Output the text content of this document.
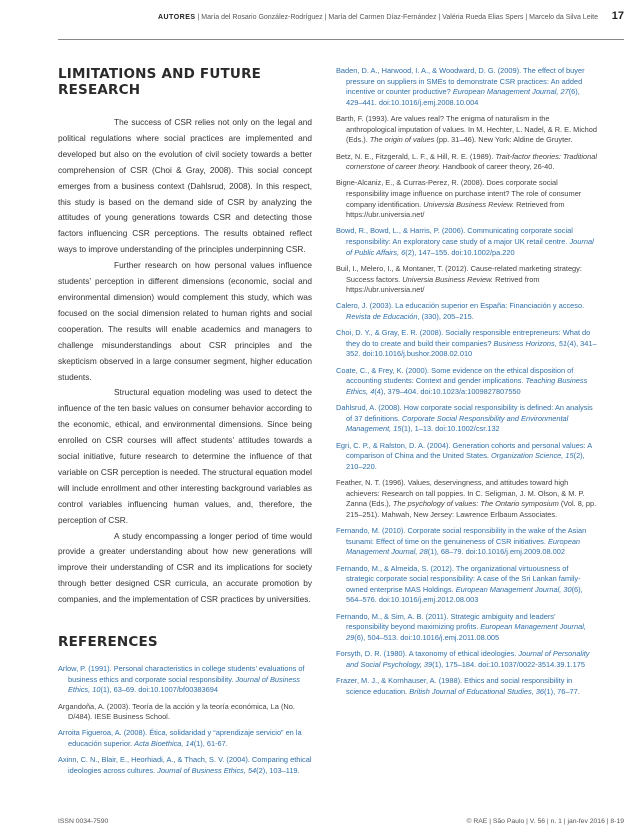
AUTORES | María del Rosario González-Rodríguez | María del Carmen Díaz-Fernández | Valéria Rueda Elias Spers | Marcelo da Silva Leite 17
LIMITATIONS AND FUTURE RESEARCH

The success of CSR relies not only on the legal and political regulations where social practices are implemented and developed but also on the evolution of civil society towards a better comprehension of CSR (Choi & Gray, 2008). This social concept emerges from a business context (Dahlsrud, 2008). In this respect, this study is based on the demand side of CSR by analyzing the attitudes of young generations towards CSR and detecting those factors influencing CSR perceptions. The results obtained reflect ways to improve understanding of the principles underpinning CSR.

Further research on how personal values influence students’ perception in different dimensions (economic, social and environmental dimension) would complement this study, which was focused on the social dimension related to human rights and social cooperation. The results will enable academics and managers to challenge misunderstandings about CSR principles and the skepticism observed in a large consumer segment, higher education students.

Structural equation modeling was used to detect the influence of the ten basic values on consumer behavior according to the economic, ethical, and environmental dimensions. Since being enrolled on CSR courses will affect students’ attitudes towards a social initiative, future research to determine the influence of that variable on CSR perception is needed. The structural equation model will include enrollment and other interesting background variables as control variables influencing human values, and, therefore, the perception of CSR.

A study encompassing a longer period of time would provide a greater understanding about how new generations will improve their understanding of CSR and its implications for society through better designed CSR curricula, an accurate promotion by companies, and the implementation of CSR practices by universities.

REFERENCES

Arlow, P. (1991). Personal characteristics in college students’ evaluations of business ethics and corporate social responsibility. Journal of Business Ethics, 10(1), 63–69. doi:10.1007/bf00383694

Argandoña, A. (2003). Teoría de la acción y la teoría económica, La (No. D/484). IESE Business School.

Arroita Figueroa, A. (2008). Ética, solidaridad y “aprendizaje servicio” en la educación superior. Acta Bioethica, 14(1), 61-67.

Axinn, C. N., Blair, E., Heorhiadi, A., & Thach, S. V. (2004). Comparing ethical ideologies across cultures. Journal of Business Ethics, 54(2), 103–119.

Baden, D. A., Harwood, I. A., & Woodward, D. G. (2009). The effect of buyer pressure on suppliers in SMEs to demonstrate CSR practices: An added incentive or counter productive? European Management Journal, 27(6), 429–441. doi:10.1016/j.emj.2008.10.004

Barth, F. (1993). Are values real? The enigma of naturalism in the anthropological imputation of values. In M. Hechter, L. Nadel, & R. E. Michod (Eds.). The origin of values (pp. 31–46). New York: Aldine de Gruyter.

Betz, N. E., Fitzgerald, L. F., & Hill, R. E. (1989). Trait-factor theories: Traditional cornerstone of career theory. Handbook of career theory, 26-40.

Bigne-Alcaniz, E., & Curras-Perez, R. (2008). Does corporate social responsibility image influence on purchase intent? The role of consumer company identification. Universia Business Review. Retrieved from https://ubr.universia.net/

Bowd, R., Bowd, L., & Harris, P. (2006). Communicating corporate social responsibility: An exploratory case study of a major UK retail centre. Journal of Public Affairs, 6(2), 147–155. doi:10.1002/pa.220

Buil, I., Melero, I., & Montaner, T. (2012). Cause-related marketing strategy: Success factors. Universia Business Review. Retrived from https://ubr.universia.net/

Calero, J. (2003). La educación superior en España: Financiación y acceso. Revista de Educación, (330), 205–215.

Choi, D. Y., & Gray, E. R. (2008). Socially responsible entrepreneurs: What do they do to create and build their companies? Business Horizons, 51(4), 341–352. doi:10.1016/j.bushor.2008.02.010

Coate, C., & Frey, K. (2000). Some evidence on the ethical disposition of accounting students: Context and gender implications. Teaching Business Ethics, 4(4), 379–404. doi:10.1023/a:1009827807550

Dahlsrud, A. (2008). How corporate social responsibility is defined: An analysis of 37 definitions. Corporate Social Responsibility and Environmental Management, 15(1), 1–13. doi:10.1002/csr.132

Egri, C. P., & Ralston, D. A. (2004). Generation cohorts and personal values: A comparison of China and the United States. Organization Science, 15(2), 210–220.

Feather, N. T. (1996). Values, deservingness, and attitudes toward high achievers: Research on tall poppies. In C. Seligman, J. M. Olson, & M. P. Zanna (Eds.), The psychology of values: The Ontario symposium (Vol. 8, pp. 215–251). Mahwah, New Jersey: Lawrence Erlbaum Associates.

Fernando, M. (2010). Corporate social responsibility in the wake of the Asian tsunami: Effect of time on the genuineness of CSR initiatives. European Management Journal, 28(1), 68–79. doi:10.1016/j.emj.2009.08.002

Fernando, M., & Almeida, S. (2012). The organizational virtuousness of strategic corporate social responsibility: A case of the Sri Lankan family-owned enterprise MAS Holdings. European Management Journal, 30(6), 564–576. doi:10.1016/j.emj.2012.08.003

Fernando, M., & Sim, A. B. (2011). Strategic ambiguity and leaders’ responsibility beyond maximizing profits. European Management Journal, 29(6), 504–513. doi:10.1016/j.emj.2011.08.005

Forsyth, D. R. (1980). A taxonomy of ethical ideologies. Journal of Personality and Social Psychology, 39(1), 175–184. doi:10.1037/0022-3514.39.1.175

Frazer, M. J., & Kornhauser, A. (1988). Ethics and social responsibility in science education. British Journal of Educational Studies, 36(1), 76–77.

ISSN 0034-7590	© RAE | São Paulo | V. 56 | n. 1 | jan-fev 2016 | 8-19
